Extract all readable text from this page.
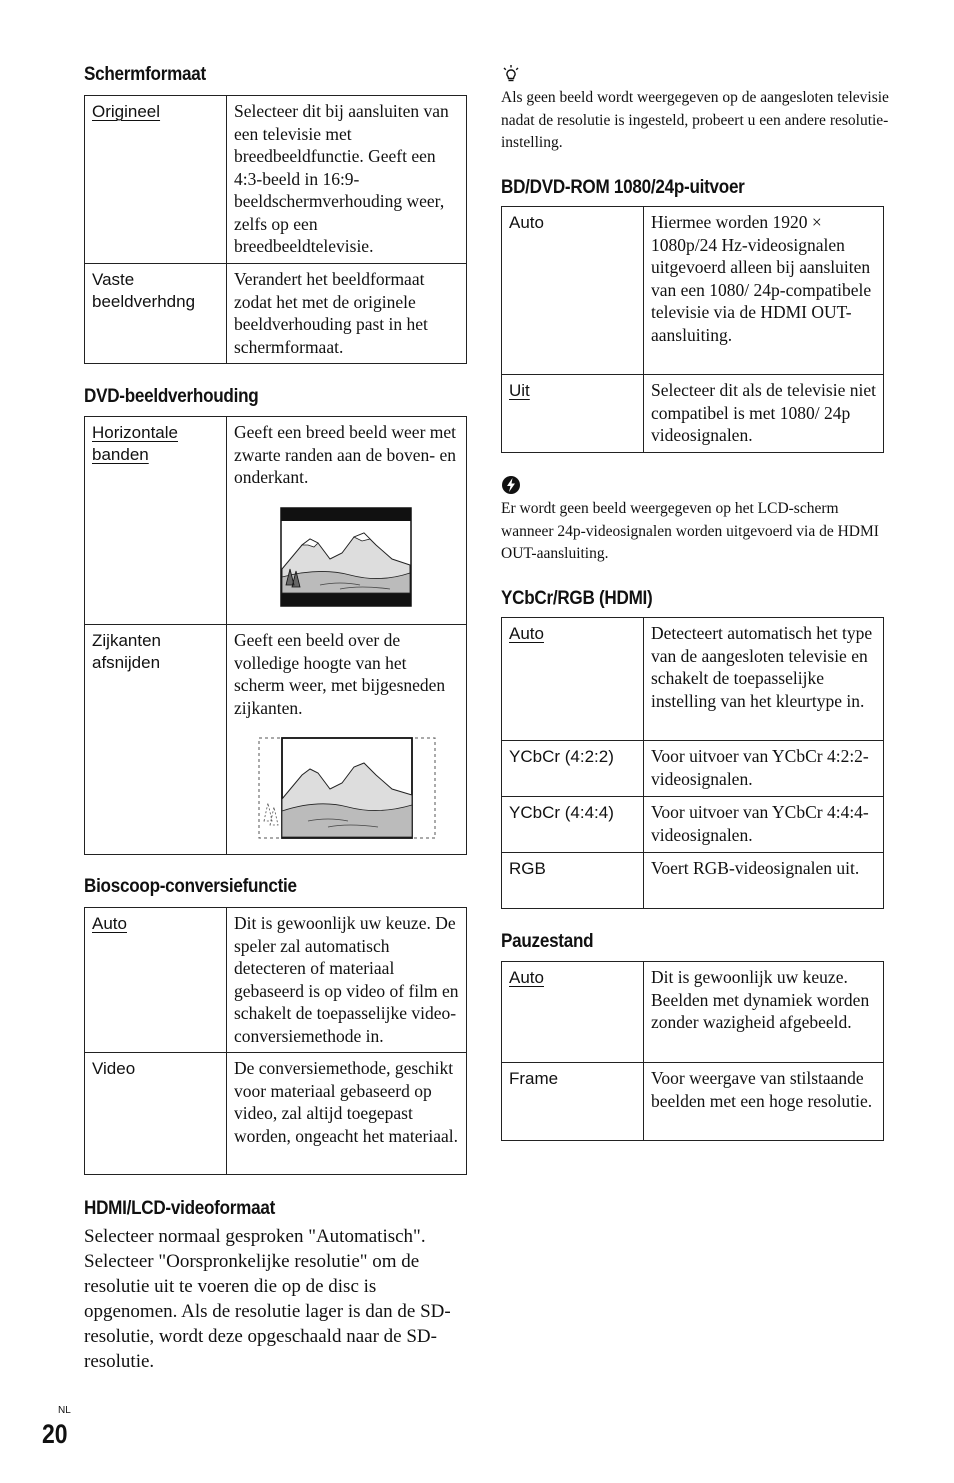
Schermformaat
Origineel	Selecteer dit bij aansluiten van een televisie met breedbeeldfunctie. Geeft een 4:3-beeld in 16:9-beeldschermverhouding weer, zelfs op een breedbeeldtelevisie.
Vaste beeldverhdng	Verandert het beeldformaat zodat het met de originele beeldverhouding past in het schermformaat.
DVD-beeldverhouding
Horizontale banden	Geeft een breed beeld weer met zwarte randen aan de boven- en onderkant.

Zijkanten afsnijden	Geeft een beeld over de volledige hoogte van het scherm weer, met bijgesneden zijkanten.
Bioscoop-conversiefunctie
Auto	Dit is gewoonlijk uw keuze. De speler zal automatisch detecteren of materiaal gebaseerd is op video of film en schakelt de toepasselijke video-conversiemethode in.
Video	De conversiemethode, geschikt voor materiaal gebaseerd op video, zal altijd toegepast worden, ongeacht het materiaal.
HDMI/LCD-videoformaat
Selecteer normaal gesproken "Automatisch". Selecteer "Oorspronkelijke resolutie" om de resolutie uit te voeren die op de disc is opgenomen. Als de resolutie lager is dan de SD-resolutie, wordt deze opgeschaald naar de SD-resolutie.
Als geen beeld wordt weergegeven op de aangesloten televisie nadat de resolutie is ingesteld, probeert u een andere resolutie-instelling.
BD/DVD-ROM 1080/24p-uitvoer
Auto	Hiermee worden 1920 × 1080p/24 Hz-videosignalen uitgevoerd alleen bij aansluiten van een 1080/ 24p-compatibele televisie via de HDMI OUT-aansluiting.
Uit	Selecteer dit als de televisie niet compatibel is met 1080/ 24p videosignalen.
Er wordt geen beeld weergegeven op het LCD-scherm wanneer 24p-videosignalen worden uitgevoerd via de HDMI OUT-aansluiting.
YCbCr/RGB (HDMI)
Auto	Detecteert automatisch het type van de aangesloten televisie en schakelt de toepasselijke instelling van het kleurtype in.
YCbCr (4:2:2)	Voor uitvoer van YCbCr 4:2:2-videosignalen.
YCbCr (4:4:4)	Voor uitvoer van YCbCr 4:4:4-videosignalen.
RGB	Voert RGB-videosignalen uit.
Pauzestand
Auto	Dit is gewoonlijk uw keuze. Beelden met dynamiek worden zonder wazigheid afgebeeld.
Frame	Voor weergave van stilstaande beelden met een hoge resolutie.
NL
20
